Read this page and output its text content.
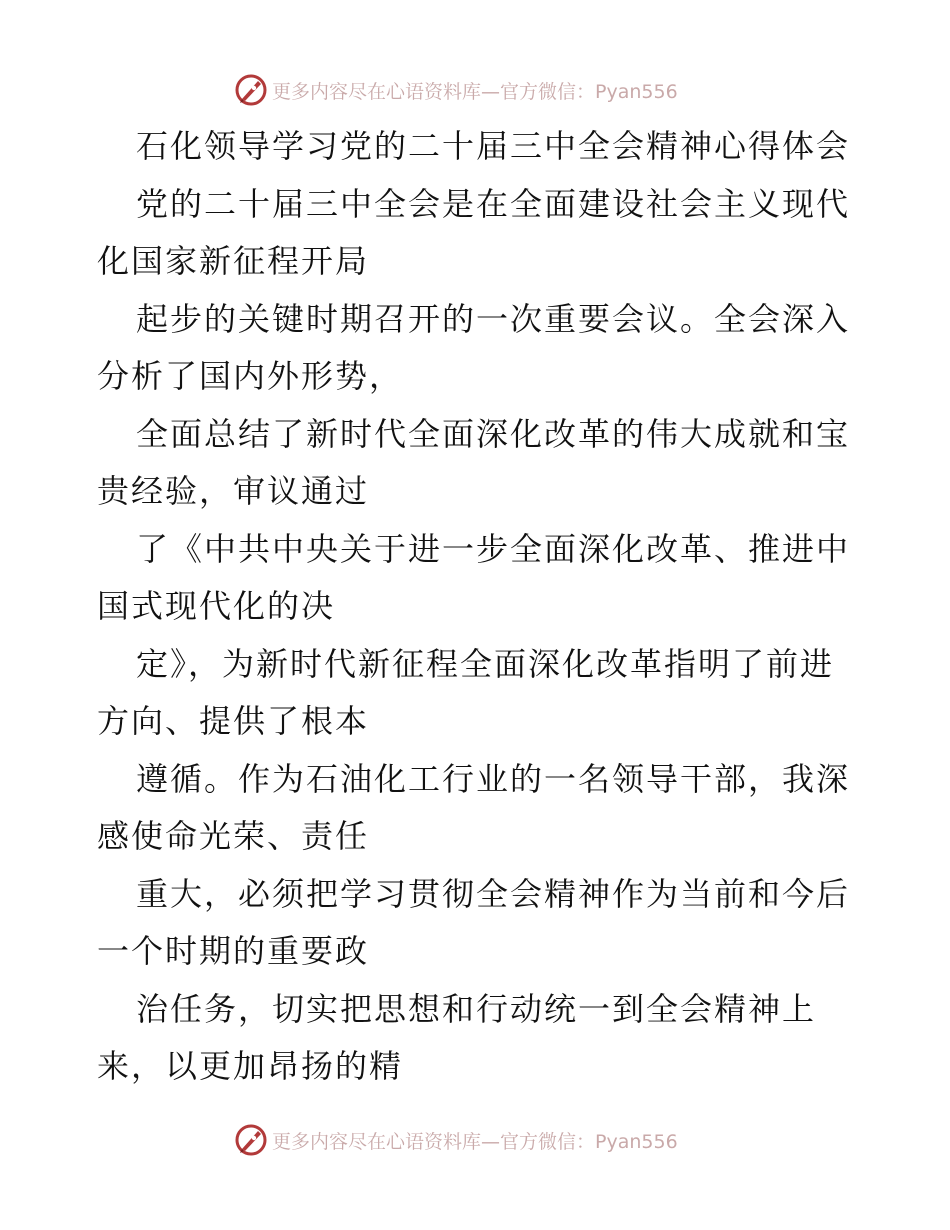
更多内容尽在心语资料库—官方微信：Pyan556
石化领导学习党的二十届三中全会精神心得体会
党的二十届三中全会是在全面建设社会主义现代
化国家新征程开局
起步的关键时期召开的一次重要会议。全会深入
分析了国内外形势，
全面总结了新时代全面深化改革的伟大成就和宝
贵经验，审议通过
了《中共中央关于进一步全面深化改革、推进中
国式现代化的决
定》，为新时代新征程全面深化改革指明了前进
方向、提供了根本
遵循。作为石油化工行业的一名领导干部，我深
感使命光荣、责任
重大，必须把学习贯彻全会精神作为当前和今后
一个时期的重要政
治任务，切实把思想和行动统一到全会精神上
来，以更加昂扬的精
更多内容尽在心语资料库—官方微信：Pyan556
